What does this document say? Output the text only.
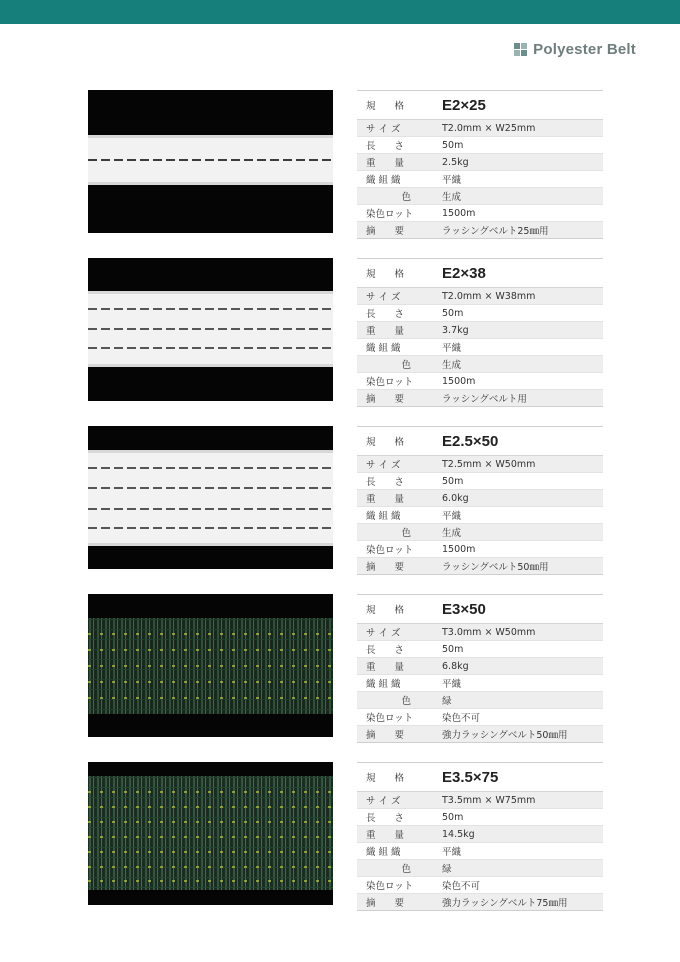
Polyester Belt
規　　格	E2×25
サ イ ズ	T2.0mm × W25mm
長　　さ	50m
重　　量	2.5kg
織 組 織	平織
色	生成
染色ロット	1500m
摘　　要	ラッシングベルト25㎜用
規　　格	E2×38
サ イ ズ	T2.0mm × W38mm
長　　さ	50m
重　　量	3.7kg
織 組 織	平織
色	生成
染色ロット	1500m
摘　　要	ラッシングベルト用
規　　格	E2.5×50
サ イ ズ	T2.5mm × W50mm
長　　さ	50m
重　　量	6.0kg
織 組 織	平織
色	生成
染色ロット	1500m
摘　　要	ラッシングベルト50㎜用
規　　格	E3×50
サ イ ズ	T3.0mm × W50mm
長　　さ	50m
重　　量	6.8kg
織 組 織	平織
色	緑
染色ロット	染色不可
摘　　要	強力ラッシングベルト50㎜用
規　　格	E3.5×75
サ イ ズ	T3.5mm × W75mm
長　　さ	50m
重　　量	14.5kg
織 組 織	平織
色	緑
染色ロット	染色不可
摘　　要	強力ラッシングベルト75㎜用
